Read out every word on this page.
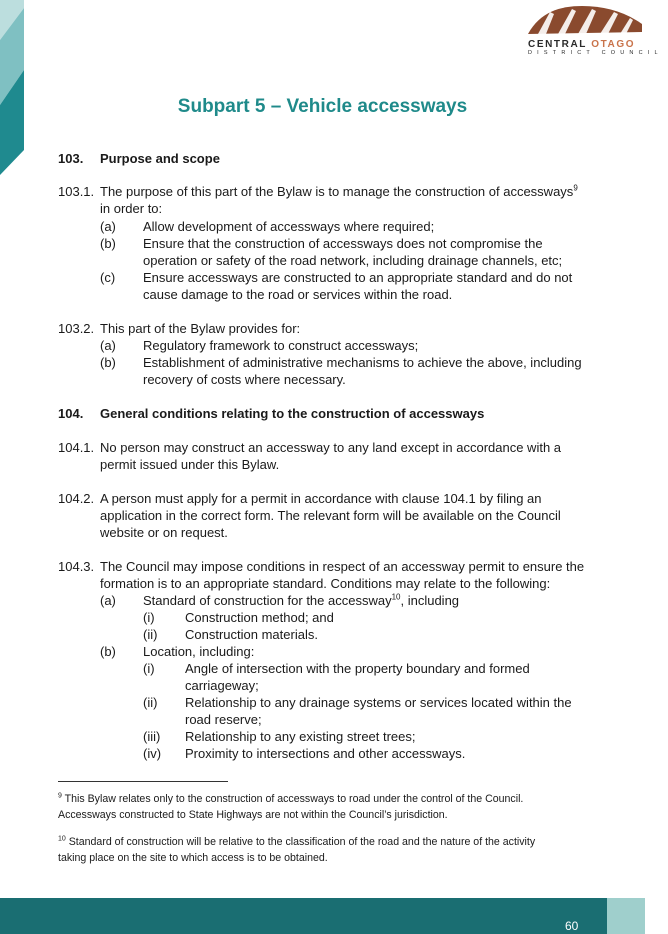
CENTRAL OTAGO
DISTRICT COUNCIL
Subpart 5 – Vehicle accessways
103. Purpose and scope
103.1. The purpose of this part of the Bylaw is to manage the construction of accessways$^9$
in order to:
(a) Allow development of accessways where required;
(b) Ensure that the construction of accessways does not compromise the
operation or safety of the road network, including drainage channels, etc;
(c) Ensure accessways are constructed to an appropriate standard and do not
cause damage to the road or services within the road.
103.2. This part of the Bylaw provides for:
(a) Regulatory framework to construct accessways;
(b) Establishment of administrative mechanisms to achieve the above, including
recovery of costs where necessary.
104. General conditions relating to the construction of accessways
104.1. No person may construct an accessway to any land except in accordance with a
permit issued under this Bylaw.
104.2. A person must apply for a permit in accordance with clause 104.1 by filing an
application in the correct form. The relevant form will be available on the Council
website or on request.
104.3. The Council may impose conditions in respect of an accessway permit to ensure the
formation is to an appropriate standard. Conditions may relate to the following:
(a) Standard of construction for the accessway$^{10}$, including
(i) Construction method; and
(ii) Construction materials.
(b) Location, including:
(i) Angle of intersection with the property boundary and formed
carriageway;
(ii) Relationship to any drainage systems or services located within the
road reserve;
(iii) Relationship to any existing street trees;
(iv) Proximity to intersections and other accessways.
$^9$ This Bylaw relates only to the construction of accessways to road under the control of the Council.
Accessways constructed to State Highways are not within the Council’s jurisdiction.
$^{10}$ Standard of construction will be relative to the classification of the road and the nature of the activity
taking place on the site to which access is to be obtained.
60
